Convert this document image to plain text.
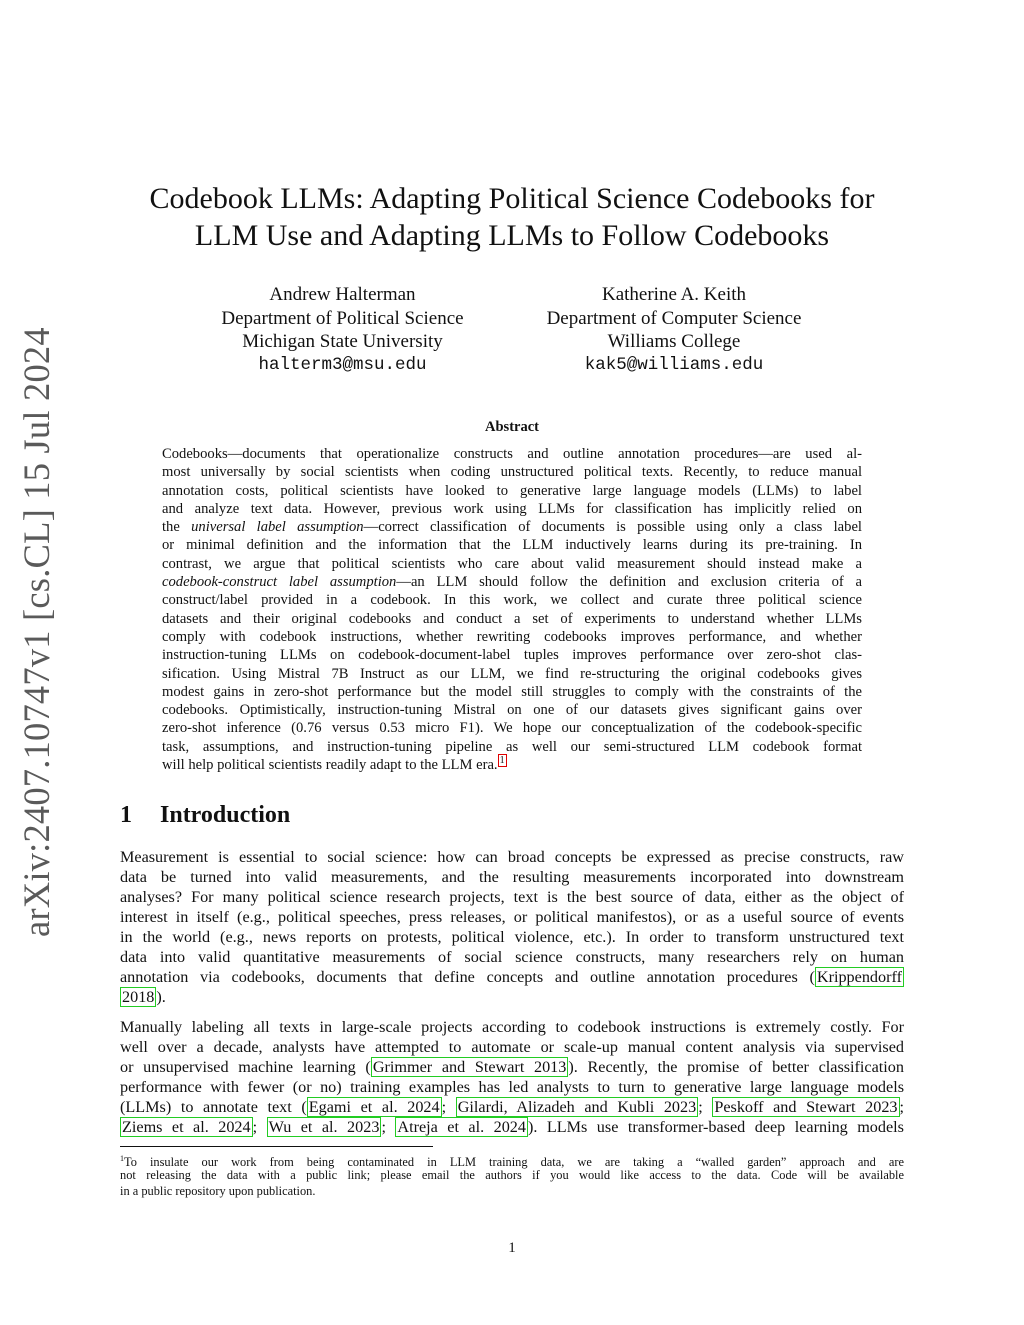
arXiv:2407.10747v1 [cs.CL] 15 Jul 2024
Codebook LLMs: Adapting Political Science Codebooks for
LLM Use and Adapting LLMs to Follow Codebooks
Andrew Halterman
Department of Political Science
Michigan State University
halterm3@msu.edu
Katherine A. Keith
Department of Computer Science
Williams College
kak5@williams.edu
Abstract
Codebooks—documents that operationalize constructs and outline annotation procedures—are used al-
most universally by social scientists when coding unstructured political texts. Recently, to reduce manual
annotation costs, political scientists have looked to generative large language models (LLMs) to label
and analyze text data. However, previous work using LLMs for classification has implicitly relied on
the universal label assumption—correct classification of documents is possible using only a class label
or minimal definition and the information that the LLM inductively learns during its pre-training. In
contrast, we argue that political scientists who care about valid measurement should instead make a
codebook-construct label assumption—an LLM should follow the definition and exclusion criteria of a
construct/label provided in a codebook. In this work, we collect and curate three political science
datasets and their original codebooks and conduct a set of experiments to understand whether LLMs
comply with codebook instructions, whether rewriting codebooks improves performance, and whether
instruction-tuning LLMs on codebook-document-label tuples improves performance over zero-shot clas-
sification. Using Mistral 7B Instruct as our LLM, we find re-structuring the original codebooks gives
modest gains in zero-shot performance but the model still struggles to comply with the constraints of the
codebooks. Optimistically, instruction-tuning Mistral on one of our datasets gives significant gains over
zero-shot inference (0.76 versus 0.53 micro F1). We hope our conceptualization of the codebook-specific
task, assumptions, and instruction-tuning pipeline as well our semi-structured LLM codebook format
will help political scientists readily adapt to the LLM era. $^1$
1 Introduction
Measurement is essential to social science: how can broad concepts be expressed as precise constructs, raw
data be turned into valid measurements, and the resulting measurements incorporated into downstream
analyses? For many political science research projects, text is the best source of data, either as the object of
interest in itself (e.g., political speeches, press releases, or political manifestos), or as a useful source of events
in the world (e.g., news reports on protests, political violence, etc.). In order to transform unstructured text
data into valid quantitative measurements of social science constructs, many researchers rely on human
annotation via codebooks, documents that define concepts and outline annotation procedures ( Krippendorff
2018 ).
Manually labeling all texts in large-scale projects according to codebook instructions is extremely costly. For
well over a decade, analysts have attempted to automate or scale-up manual content analysis via supervised
or unsupervised machine learning ( Grimmer and Stewart 2013 ). Recently, the promise of better classification
performance with fewer (or no) training examples has led analysts to turn to generative large language models
(LLMs) to annotate text ( Egami et al. 2024 ; Gilardi, Alizadeh and Kubli 2023 ; Peskoff and Stewart 2023 ;
Ziems et al. 2024 ; Wu et al. 2023 ; Atreja et al. 2024 ). LLMs use transformer-based deep learning models
$^1$To insulate our work from being contaminated in LLM training data, we are taking a “walled garden” approach and are
not releasing the data with a public link; please email the authors if you would like access to the data. Code will be available
in a public repository upon publication.
1
